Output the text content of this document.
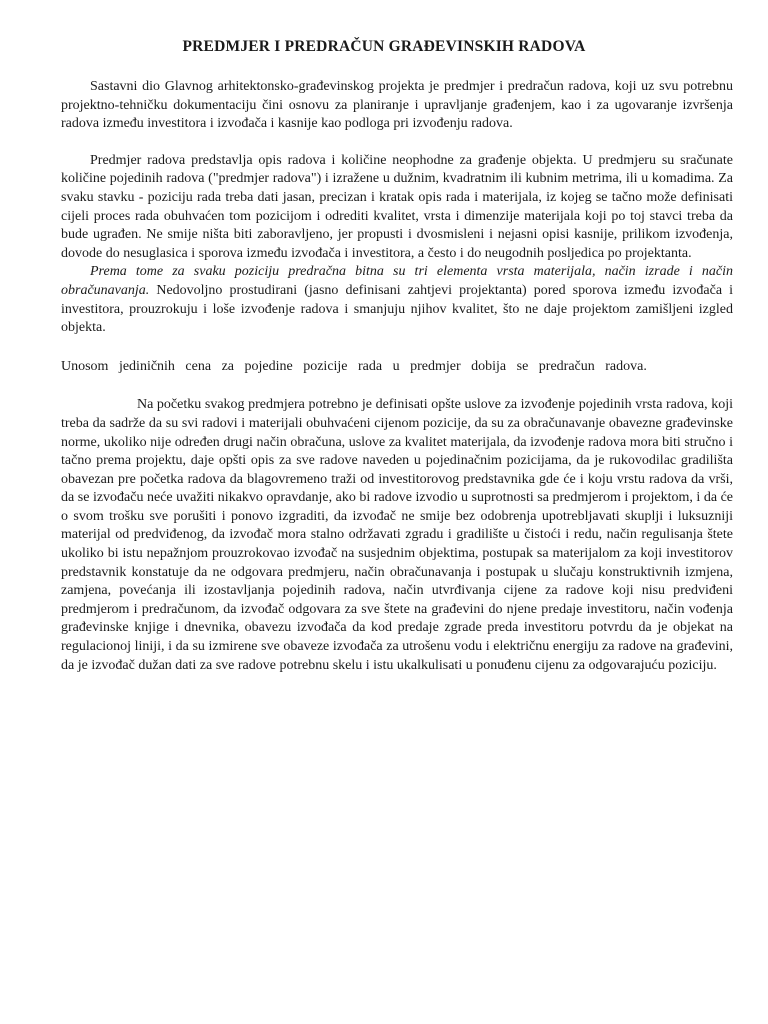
PREDMJER I PREDRAČUN GRAĐEVINSKIH RADOVA

Sastavni dio Glavnog arhitektonsko-građevinskog projekta je predmjer i predračun radova, koji uz svu potrebnu projektno-tehničku dokumentaciju čini osnovu za planiranje i upravljanje građenjem, kao i za ugovaranje izvršenja radova između investitora i izvođača i kasnije kao podloga pri izvođenju radova.

Predmjer radova predstavlja opis radova i količine neophodne za građenje objekta. U predmjeru su sračunate količine pojedinih radova ("predmjer radova") i izražene u dužnim, kvadratnim ili kubnim metrima, ili u komadima. Za svaku stavku - poziciju rada treba dati jasan, precizan i kratak opis rada i materijala, iz kojeg se tačno može definisati cijeli proces rada obuhvaćen tom pozicijom i odrediti kvalitet, vrsta i dimenzije materijala koji po toj stavci treba da bude ugrađen. Ne smije ništa biti zaboravljeno, jer propusti i dvosmisleni i nejasni opisi kasnije, prilikom izvođenja, dovode do nesuglasica i sporova između izvođača i investitora, a često i do neugodnih posljedica po projektanta.

Prema tome za svaku poziciju predračna bitna su tri elementa vrsta materijala, način izrade i način obračunavanja. Nedovoljno prostudirani (jasno definisani zahtjevi projektanta) pored sporova između izvođača i investitora, prouzrokuju i loše izvođenje radova i smanjuju njihov kvalitet, što ne daje projektom zamišljeni izgled objekta.

Unosom jediničnih cena za pojedine pozicije rada u predmjer dobija se predračun radova.

Na početku svakog predmjera potrebno je definisati opšte uslove za izvođenje pojedinih vrsta radova, koji treba da sadrže da su svi radovi i materijali obuhvaćeni cijenom pozicije, da su za obračunavanje obavezne građevinske norme, ukoliko nije određen drugi način obračuna, uslove za kvalitet materijala, da izvođenje radova mora biti stručno i tačno prema projektu, daje opšti opis za sve radove naveden u pojedinačnim pozicijama, da je rukovodilac gradilišta obavezan pre početka radova da blagovremeno traži od investitorovog predstavnika gde će i koju vrstu radova da vrši, da se izvođaču neće uvažiti nikakvo opravdanje, ako bi radove izvodio u suprotnosti sa predmjerom i projektom, i da će o svom trošku sve porušiti i ponovo izgraditi, da izvođač ne smije bez odobrenja upotrebljavati skuplji i luksuzniji materijal od predviđenog, da izvođač mora stalno održavati zgradu i gradilište u čistoći i redu, način regulisanja štete ukoliko bi istu nepažnjom prouzrokovao izvođač na susjednim objektima, postupak sa materijalom za koji investitorov predstavnik konstatuje da ne odgovara predmjeru, način obračunavanja i postupak u slučaju konstruktivnih izmjena, zamjena, povećanja ili izostavljanja pojedinih radova, način utvrđivanja cijene za radove koji nisu predviđeni predmjerom i predračunom, da izvođač odgovara za sve štete na građevini do njene predaje investitoru, način vođenja građevinske knjige i dnevnika, obavezu izvođača da kod predaje zgrade preda investitoru potvrdu da je objekat na regulacionoj liniji, i da su izmirene sve obaveze izvođača za utrošenu vodu i električnu energiju za radove na građevini, da je izvođač dužan dati za sve radove potrebnu skelu i istu ukalkulisati u ponuđenu cijenu za odgovarajuću poziciju.
